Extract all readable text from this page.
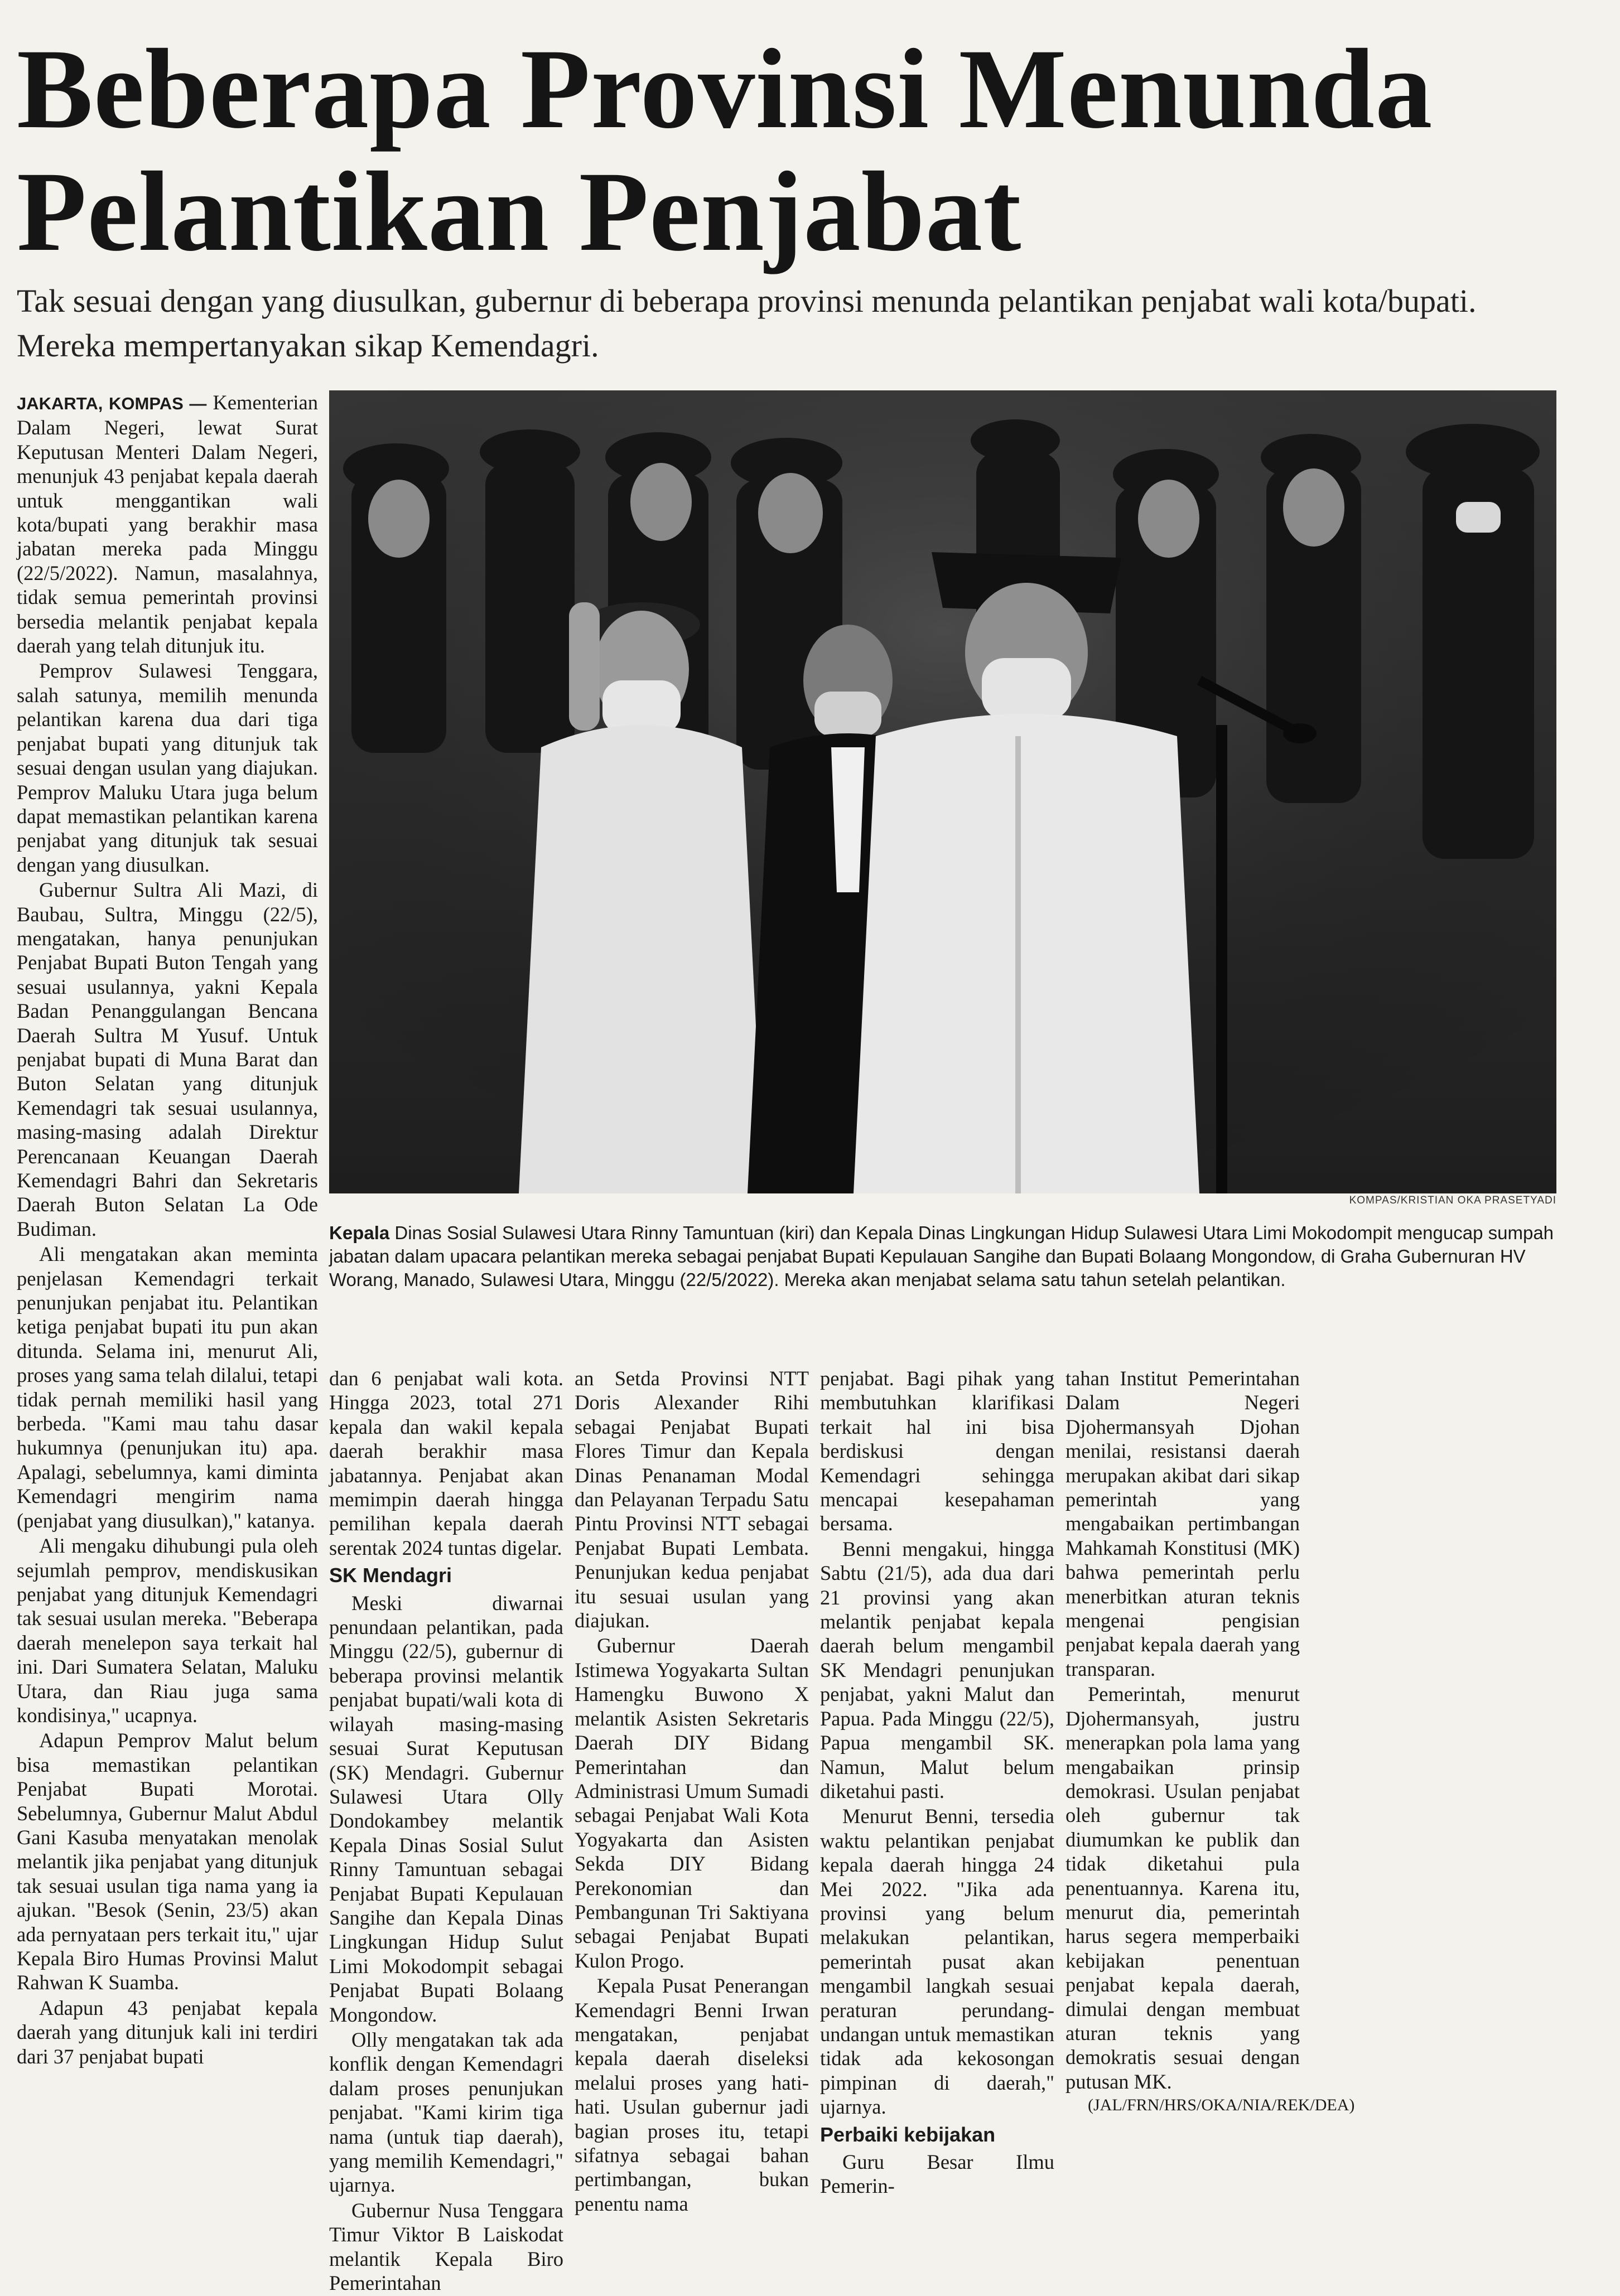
Beberapa Provinsi Menunda Pelantikan Penjabat

Tak sesuai dengan yang diusulkan, gubernur di beberapa provinsi menunda pelantikan penjabat wali kota/bupati. Mereka mempertanyakan sikap Kemendagri.

JAKARTA, KOMPAS — Kementerian Dalam Negeri, lewat Surat Keputusan Menteri Dalam Negeri, menunjuk 43 penjabat kepala daerah untuk menggantikan wali kota/bupati yang berakhir masa jabatan mereka pada Minggu (22/5/2022). Namun, masalahnya, tidak semua pemerintah provinsi bersedia melantik penjabat kepala daerah yang telah ditunjuk itu.

Pemprov Sulawesi Tenggara, salah satunya, memilih menunda pelantikan karena dua dari tiga penjabat bupati yang ditunjuk tak sesuai dengan usulan yang diajukan. Pemprov Maluku Utara juga belum dapat memastikan pelantikan karena penjabat yang ditunjuk tak sesuai dengan yang diusulkan.

Gubernur Sultra Ali Mazi, di Baubau, Sultra, Minggu (22/5), mengatakan, hanya penunjukan Penjabat Bupati Buton Tengah yang sesuai usulannya, yakni Kepala Badan Penanggulangan Bencana Daerah Sultra M Yusuf. Untuk penjabat bupati di Muna Barat dan Buton Selatan yang ditunjuk Kemendagri tak sesuai usulannya, masing-masing adalah Direktur Perencanaan Keuangan Daerah Kemendagri Bahri dan Sekretaris Daerah Buton Selatan La Ode Budiman.

Ali mengatakan akan meminta penjelasan Kemendagri terkait penunjukan penjabat itu. Pelantikan ketiga penjabat bupati itu pun akan ditunda. Selama ini, menurut Ali, proses yang sama telah dilalui, tetapi tidak pernah memiliki hasil yang berbeda. "Kami mau tahu dasar hukumnya (penunjukan itu) apa. Apalagi, sebelumnya, kami diminta Kemendagri mengirim nama (penjabat yang diusulkan)," katanya.

Ali mengaku dihubungi pula oleh sejumlah pemprov, mendiskusikan penjabat yang ditunjuk Kemendagri tak sesuai usulan mereka. "Beberapa daerah menelepon saya terkait hal ini. Dari Sumatera Selatan, Maluku Utara, dan Riau juga sama kondisinya," ucapnya.

Adapun Pemprov Malut belum bisa memastikan pelantikan Penjabat Bupati Morotai. Sebelumnya, Gubernur Malut Abdul Gani Kasuba menyatakan menolak melantik jika penjabat yang ditunjuk tak sesuai usulan tiga nama yang ia ajukan. "Besok (Senin, 23/5) akan ada pernyataan pers terkait itu," ujar Kepala Biro Humas Provinsi Malut Rahwan K Suamba.

Adapun 43 penjabat kepala daerah yang ditunjuk kali ini terdiri dari 37 penjabat bupati

KOMPAS/KRISTIAN OKA PRASETYADI
Kepala Dinas Sosial Sulawesi Utara Rinny Tamuntuan (kiri) dan Kepala Dinas Lingkungan Hidup Sulawesi Utara Limi Mokodompit mengucap sumpah jabatan dalam upacara pelantikan mereka sebagai penjabat Bupati Kepulauan Sangihe dan Bupati Bolaang Mongondow, di Graha Gubernuran HV Worang, Manado, Sulawesi Utara, Minggu (22/5/2022). Mereka akan menjabat selama satu tahun setelah pelantikan.

dan 6 penjabat wali kota. Hingga 2023, total 271 kepala dan wakil kepala daerah berakhir masa jabatannya. Penjabat akan memimpin daerah hingga pemilihan kepala daerah serentak 2024 tuntas digelar.

SK Mendagri

Meski diwarnai penundaan pelantikan, pada Minggu (22/5), gubernur di beberapa provinsi melantik penjabat bupati/wali kota di wilayah masing-masing sesuai Surat Keputusan (SK) Mendagri. Gubernur Sulawesi Utara Olly Dondokambey melantik Kepala Dinas Sosial Sulut Rinny Tamuntuan sebagai Penjabat Bupati Kepulauan Sangihe dan Kepala Dinas Lingkungan Hidup Sulut Limi Mokodompit sebagai Penjabat Bupati Bolaang Mongondow.

Olly mengatakan tak ada konflik dengan Kemendagri dalam proses penunjukan penjabat. "Kami kirim tiga nama (untuk tiap daerah), yang memilih Kemendagri," ujarnya.

Gubernur Nusa Tenggara Timur Viktor B Laiskodat melantik Kepala Biro Pemerintahan

an Setda Provinsi NTT Doris Alexander Rihi sebagai Penjabat Bupati Flores Timur dan Kepala Dinas Penanaman Modal dan Pelayanan Terpadu Satu Pintu Provinsi NTT sebagai Penjabat Bupati Lembata. Penunjukan kedua penjabat itu sesuai usulan yang diajukan.

Gubernur Daerah Istimewa Yogyakarta Sultan Hamengku Buwono X melantik Asisten Sekretaris Daerah DIY Bidang Pemerintahan dan Administrasi Umum Sumadi sebagai Penjabat Wali Kota Yogyakarta dan Asisten Sekda DIY Bidang Perekonomian dan Pembangunan Tri Saktiyana sebagai Penjabat Bupati Kulon Progo.

Kepala Pusat Penerangan Kemendagri Benni Irwan mengatakan, penjabat kepala daerah diseleksi melalui proses yang hati-hati. Usulan gubernur jadi bagian proses itu, tetapi sifatnya sebagai bahan pertimbangan, bukan penentu nama

penjabat. Bagi pihak yang membutuhkan klarifikasi terkait hal ini bisa berdiskusi dengan Kemendagri sehingga mencapai kesepahaman bersama.

Benni mengakui, hingga Sabtu (21/5), ada dua dari 21 provinsi yang akan melantik penjabat kepala daerah belum mengambil SK Mendagri penunjukan penjabat, yakni Malut dan Papua. Pada Minggu (22/5), Papua mengambil SK. Namun, Malut belum diketahui pasti.

Menurut Benni, tersedia waktu pelantikan penjabat kepala daerah hingga 24 Mei 2022. "Jika ada provinsi yang belum melakukan pelantikan, pemerintah pusat akan mengambil langkah sesuai peraturan perundang-undangan untuk memastikan tidak ada kekosongan pimpinan di daerah," ujarnya.

Perbaiki kebijakan

Guru Besar Ilmu Pemerin-

tahan Institut Pemerintahan Dalam Negeri Djohermansyah Djohan menilai, resistansi daerah merupakan akibat dari sikap pemerintah yang mengabaikan pertimbangan Mahkamah Konstitusi (MK) bahwa pemerintah perlu menerbitkan aturan teknis mengenai pengisian penjabat kepala daerah yang transparan.

Pemerintah, menurut Djohermansyah, justru menerapkan pola lama yang mengabaikan prinsip demokrasi. Usulan penjabat oleh gubernur tak diumumkan ke publik dan tidak diketahui pula penentuannya. Karena itu, menurut dia, pemerintah harus segera memperbaiki kebijakan penentuan penjabat kepala daerah, dimulai dengan membuat aturan teknis yang demokratis sesuai dengan putusan MK.

(JAL/FRN/HRS/OKA/NIA/REK/DEA)
